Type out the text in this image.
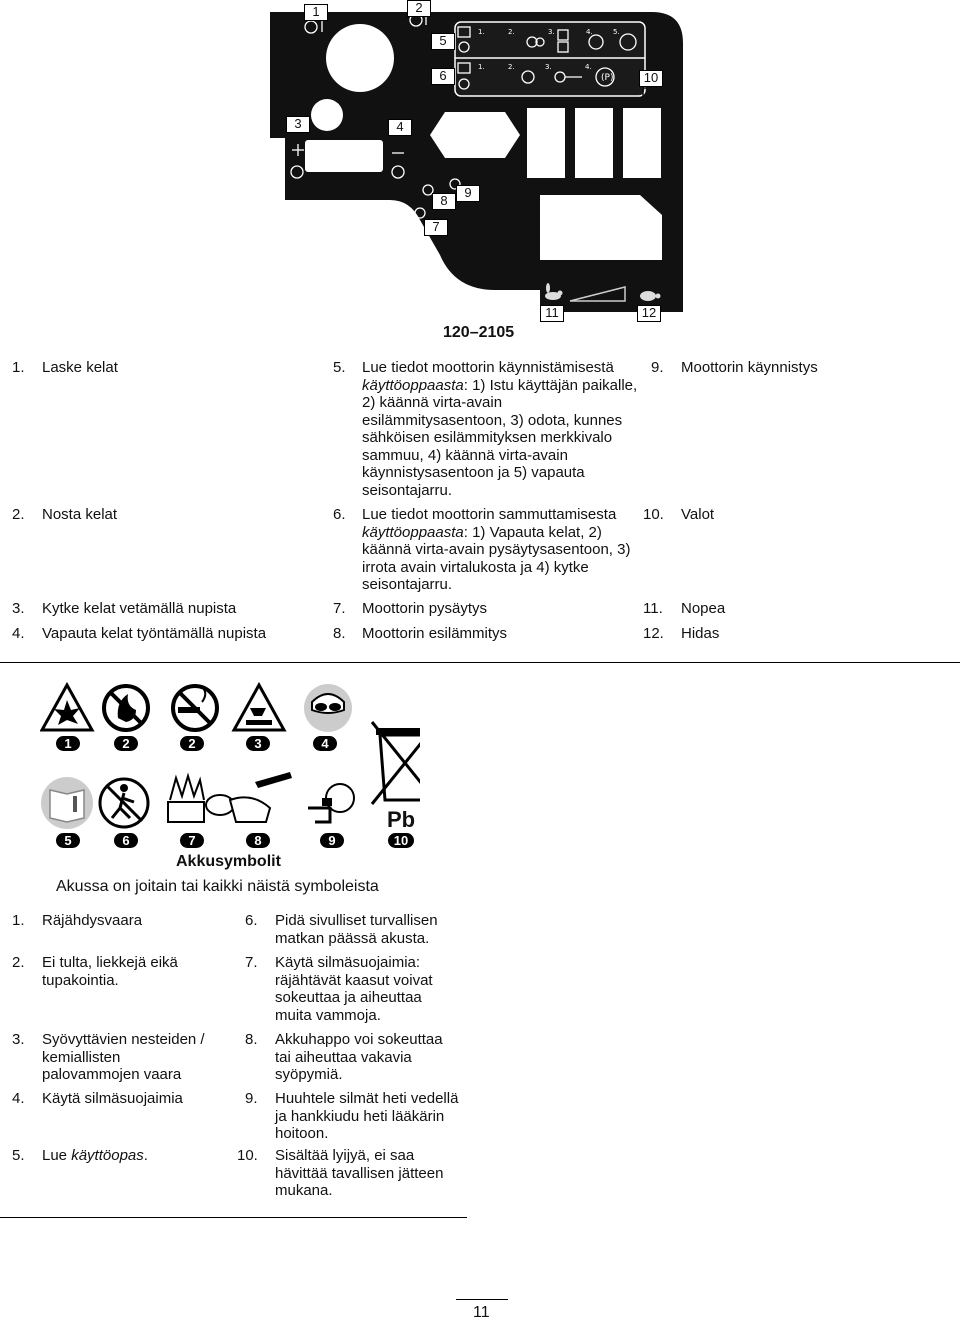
1.	2.	3.	4.	5.
1.	2.	3.	4.
(P)
1	2
3	4
5
6
7
8
9
10
11	12
120–2105
1. Laske kelat
2. Nosta kelat
3. Kytke kelat vetämällä nupista
4. Vapauta kelat työntämällä nupista
5. Lue tiedot moottorin käynnistämisestä käyttöoppaasta: 1) Istu käyttäjän paikalle, 2) käännä virta-avain esilämmitysasentoon, 3) odota, kunnes sähköisen esilämmityksen merkkivalo sammuu, 4) käännä virta-avain käynnistysasentoon ja 5) vapauta seisontajarru.
6. Lue tiedot moottorin sammuttamisesta käyttöoppaasta: 1) Vapauta kelat, 2) käännä virta-avain pysäytysasentoon, 3) irrota avain virtalukosta ja 4) kytke seisontajarru.
7. Moottorin pysäytys
8. Moottorin esilämmitys
9. Moottorin käynnistys
10. Valot
11. Nopea
12. Hidas
1	2	2	3	4
5	6	7	8	9	10
Pb
Akkusymbolit
Akussa on joitain tai kaikki näistä symboleista
1. Räjähdysvaara
2. Ei tulta, liekkejä eikä tupakointia.
3. Syövyttävien nesteiden / kemiallisten palovammojen vaara
4. Käytä silmäsuojaimia
5. Lue käyttöopas.
6. Pidä sivulliset turvallisen matkan päässä akusta.
7. Käytä silmäsuojaimia: räjähtävät kaasut voivat sokeuttaa ja aiheuttaa muita vammoja.
8. Akkuhappo voi sokeuttaa tai aiheuttaa vakavia syöpymiä.
9. Huuhtele silmät heti vedellä ja hankkiudu heti lääkärin hoitoon.
10. Sisältää lyijyä, ei saa hävittää tavallisen jätteen mukana.
11
